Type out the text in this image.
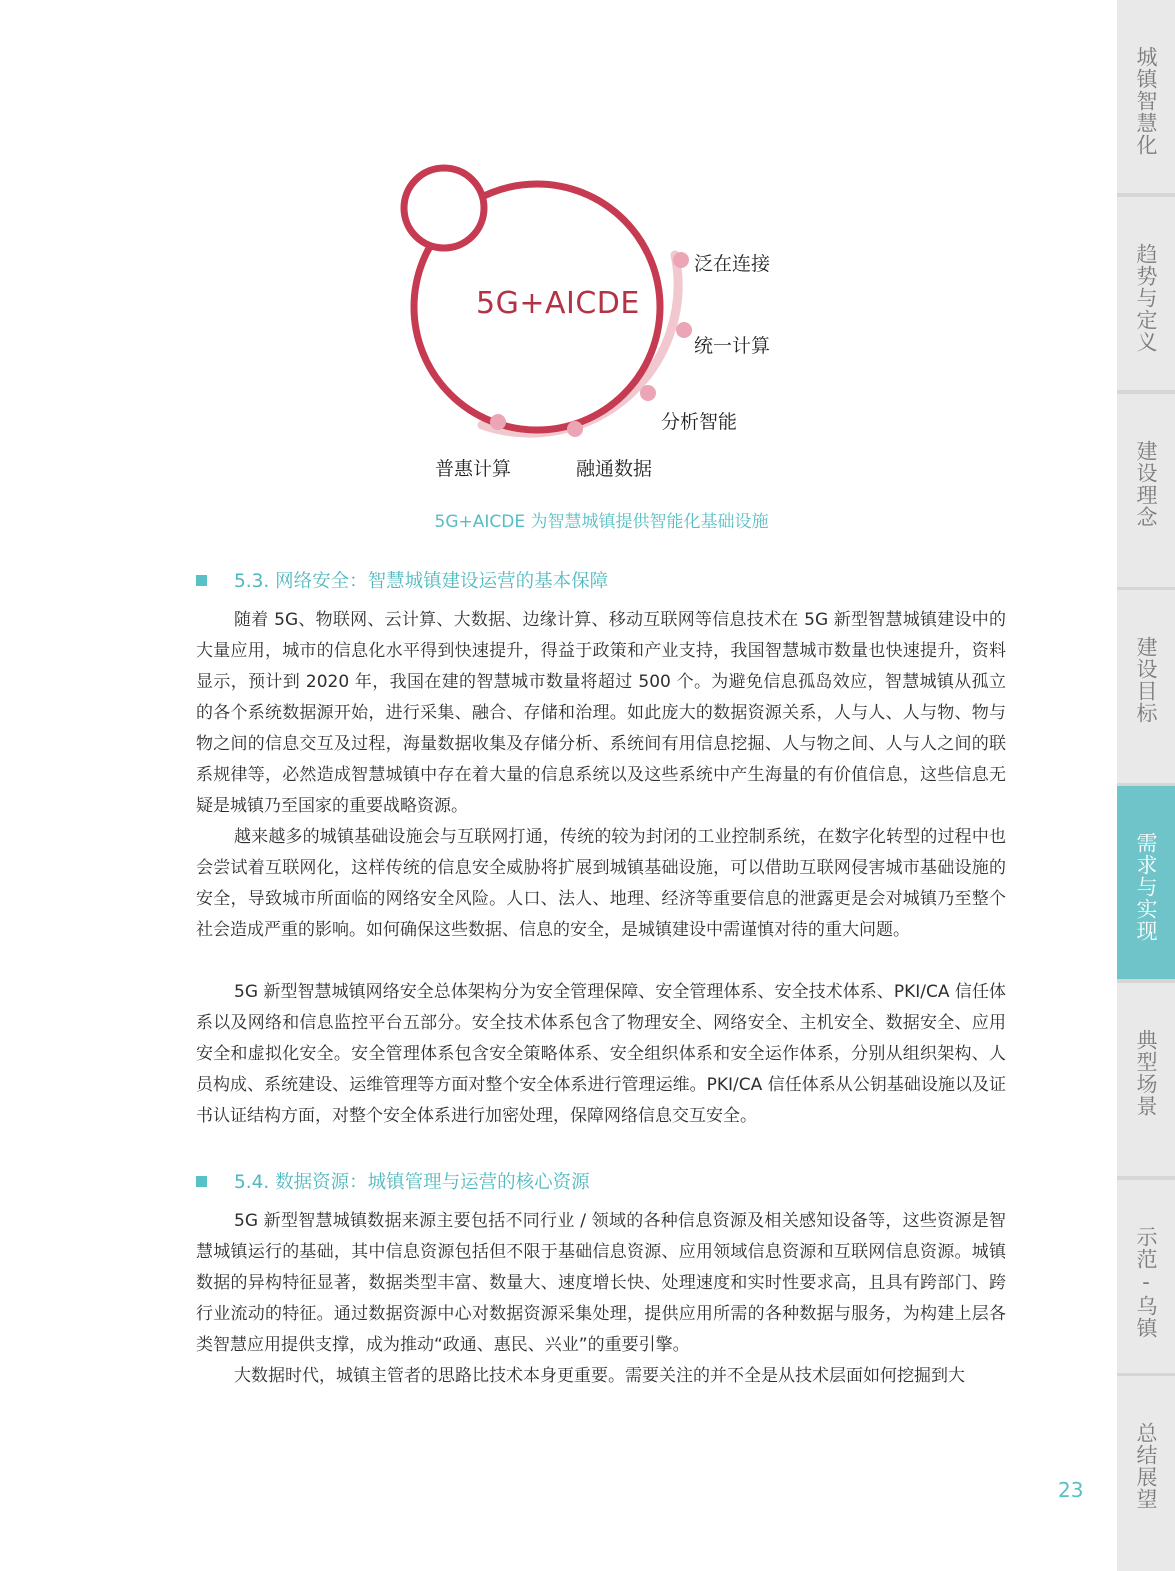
城镇智慧化
趋势与定义
建设理念
建设目标
需求与实现
典型场景
示范-乌镇
总结展望
5G+AICDE
泛在连接
统一计算
分析智能
融通数据
普惠计算
5G+AICDE 为智慧城镇提供智能化基础设施
5.3. 网络安全：智慧城镇建设运营的基本保障

随着 5G、物联网、云计算、大数据、边缘计算、移动互联网等信息技术在 5G 新型智慧城镇建设中的大量应用，城市的信息化水平得到快速提升，得益于政策和产业支持，我国智慧城市数量也快速提升，资料显示，预计到 2020 年，我国在建的智慧城市数量将超过 500 个。为避免信息孤岛效应，智慧城镇从孤立的各个系统数据源开始，进行采集、融合、存储和治理。如此庞大的数据资源关系，人与人、人与物、物与物之间的信息交互及过程，海量数据收集及存储分析、系统间有用信息挖掘、人与物之间、人与人之间的联系规律等，必然造成智慧城镇中存在着大量的信息系统以及这些系统中产生海量的有价值信息，这些信息无疑是城镇乃至国家的重要战略资源。

越来越多的城镇基础设施会与互联网打通，传统的较为封闭的工业控制系统，在数字化转型的过程中也会尝试着互联网化，这样传统的信息安全威胁将扩展到城镇基础设施，可以借助互联网侵害城市基础设施的安全，导致城市所面临的网络安全风险。人口、法人、地理、经济等重要信息的泄露更是会对城镇乃至整个社会造成严重的影响。如何确保这些数据、信息的安全，是城镇建设中需谨慎对待的重大问题。

5G 新型智慧城镇网络安全总体架构分为安全管理保障、安全管理体系、安全技术体系、PKI/CA 信任体系以及网络和信息监控平台五部分。安全技术体系包含了物理安全、网络安全、主机安全、数据安全、应用安全和虚拟化安全。安全管理体系包含安全策略体系、安全组织体系和安全运作体系，分别从组织架构、人员构成、系统建设、运维管理等方面对整个安全体系进行管理运维。PKI/CA 信任体系从公钥基础设施以及证书认证结构方面，对整个安全体系进行加密处理，保障网络信息交互安全。

5.4. 数据资源：城镇管理与运营的核心资源

5G 新型智慧城镇数据来源主要包括不同行业 / 领域的各种信息资源及相关感知设备等，这些资源是智慧城镇运行的基础，其中信息资源包括但不限于基础信息资源、应用领域信息资源和互联网信息资源。城镇数据的异构特征显著，数据类型丰富、数量大、速度增长快、处理速度和实时性要求高，且具有跨部门、跨行业流动的特征。通过数据资源中心对数据资源采集处理，提供应用所需的各种数据与服务，为构建上层各类智慧应用提供支撑，成为推动“政通、惠民、兴业”的重要引擎。

大数据时代，城镇主管者的思路比技术本身更重要。需要关注的并不全是从技术层面如何挖掘到大

23
